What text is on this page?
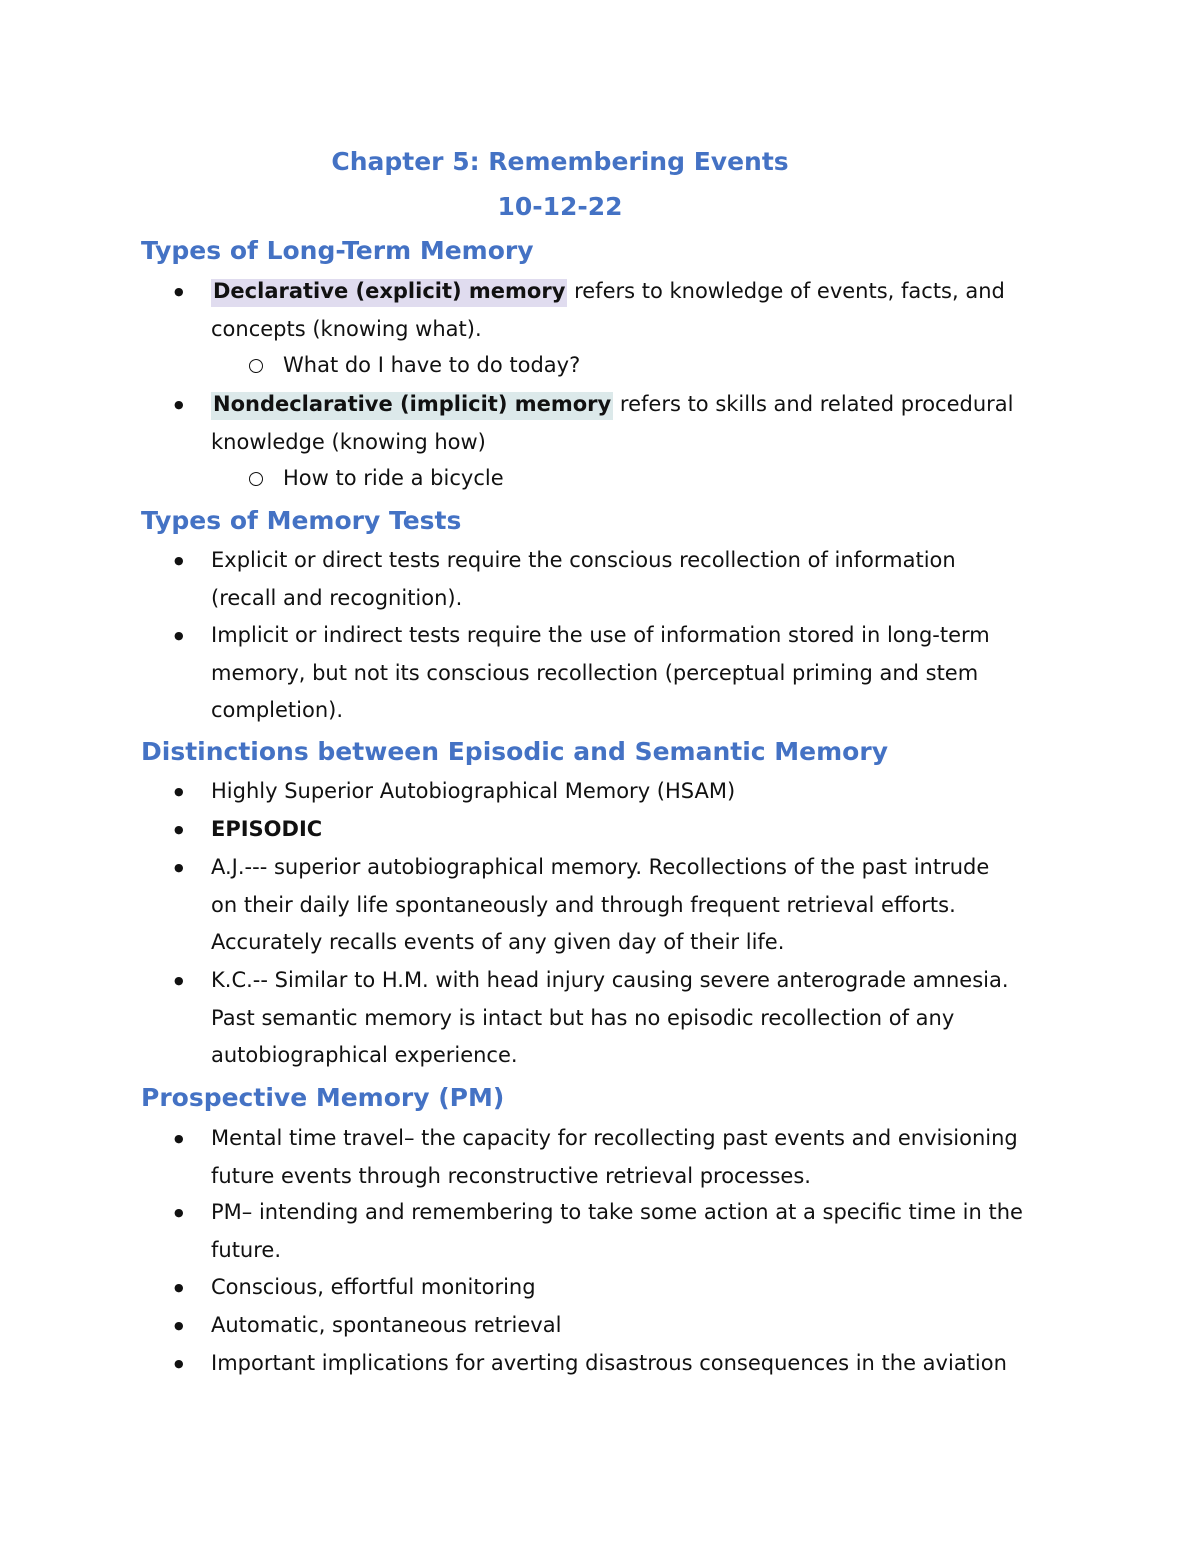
Chapter 5: Remembering Events
10-12-22
Types of Long-Term Memory
● Declarative (explicit) memory refers to knowledge of events, facts, and
concepts (knowing what).
What do I have to do today?
● Nondeclarative (implicit) memory refers to skills and related procedural
knowledge (knowing how)
How to ride a bicycle
Types of Memory Tests
● Explicit or direct tests require the conscious recollection of information
(recall and recognition).
● Implicit or indirect tests require the use of information stored in long-term
memory, but not its conscious recollection (perceptual priming and stem
completion).
Distinctions between Episodic and Semantic Memory
● Highly Superior Autobiographical Memory (HSAM)
● EPISODIC
● A.J.--- superior autobiographical memory. Recollections of the past intrude
on their daily life spontaneously and through frequent retrieval efforts.
Accurately recalls events of any given day of their life.
● K.C.-- Similar to H.M. with head injury causing severe anterograde amnesia.
Past semantic memory is intact but has no episodic recollection of any
autobiographical experience.
Prospective Memory (PM)
● Mental time travel– the capacity for recollecting past events and envisioning
future events through reconstructive retrieval processes.
● PM– intending and remembering to take some action at a specific time in the
future.
● Conscious, effortful monitoring
● Automatic, spontaneous retrieval
● Important implications for averting disastrous consequences in the aviation
